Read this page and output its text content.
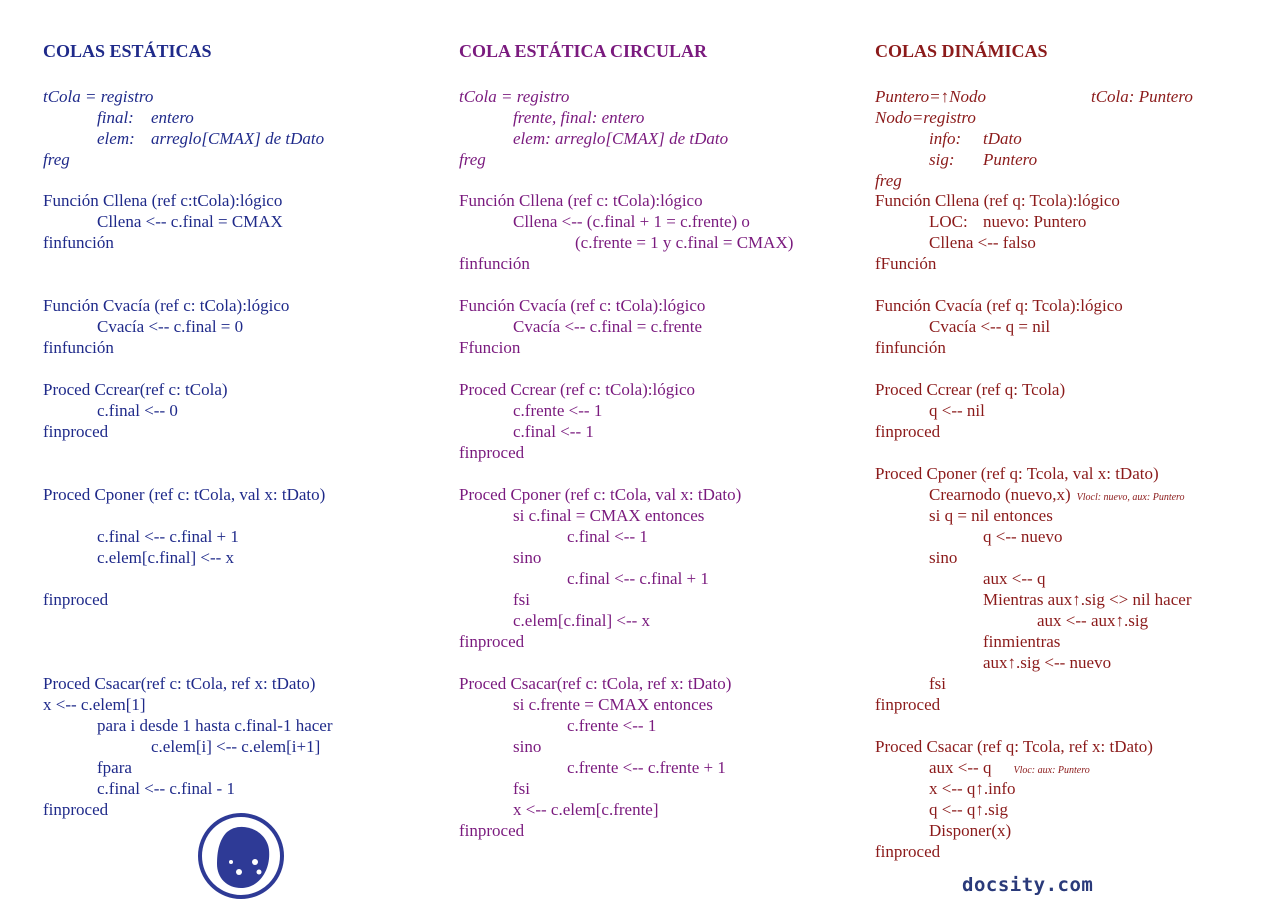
COLAS ESTÁTICAS
tCola = registro
final: entero
elem: arreglo[CMAX] de tDato
freg
Función Cllena (ref c:tCola):lógico
Cllena <-- c.final = CMAX
finfunción
Función Cvacía (ref c: tCola):lógico
Cvacía <-- c.final = 0
finfunción
Proced Ccrear(ref c: tCola)
c.final <-- 0
finproced
Proced Cponer (ref c: tCola, val x: tDato)
c.final <-- c.final + 1
c.elem[c.final] <-- x
finproced
Proced Csacar(ref c: tCola, ref x: tDato)
x <-- c.elem[1]
para i desde 1 hasta c.final-1 hacer
c.elem[i] <-- c.elem[i+1]
fpara
c.final <-- c.final - 1
finproced
COLA ESTÁTICA CIRCULAR
tCola = registro
frente, final: entero
elem: arreglo[CMAX] de tDato
freg
Función Cllena (ref c: tCola):lógico
Cllena <-- (c.final + 1 = c.frente) o
(c.frente = 1 y c.final = CMAX)
finfunción
Función Cvacía (ref c: tCola):lógico
Cvacía <-- c.final = c.frente
Ffuncion
Proced Ccrear (ref c: tCola):lógico
c.frente <-- 1
c.final <-- 1
finproced
Proced Cponer (ref c: tCola, val x: tDato)
si c.final = CMAX entonces
c.final <-- 1
sino
c.final <-- c.final + 1
fsi
c.elem[c.final] <-- x
finproced
Proced Csacar(ref c: tCola, ref x: tDato)
si c.frente = CMAX entonces
c.frente <-- 1
sino
c.frente <-- c.frente + 1
fsi
x <-- c.elem[c.frente]
finproced
COLAS DINÁMICAS
Puntero=↑Nodo	tCola: Puntero
Nodo=registro
info: tDato
sig: Puntero
freg
Función Cllena (ref q: Tcola):lógico
LOC: nuevo: Puntero
Cllena <-- falso
fFunción
Función Cvacía (ref q: Tcola):lógico
Cvacía <-- q = nil
finfunción
Proced Ccrear (ref q: Tcola)
q <-- nil
finproced
Proced Cponer (ref q: Tcola, val x: tDato)
Crearnodo (nuevo,x) Vlocl: nuevo, aux: Puntero
si q = nil entonces
q <-- nuevo
sino
aux <-- q
Mientras aux↑.sig <> nil hacer
aux <-- aux↑.sig
finmientras
aux↑.sig <-- nuevo
fsi
finproced
Proced Csacar (ref q: Tcola, ref x: tDato)
aux <-- q Vloc: aux: Puntero
x <-- q↑.info
q <-- q↑.sig
Disponer(x)
finproced
docsity.com
